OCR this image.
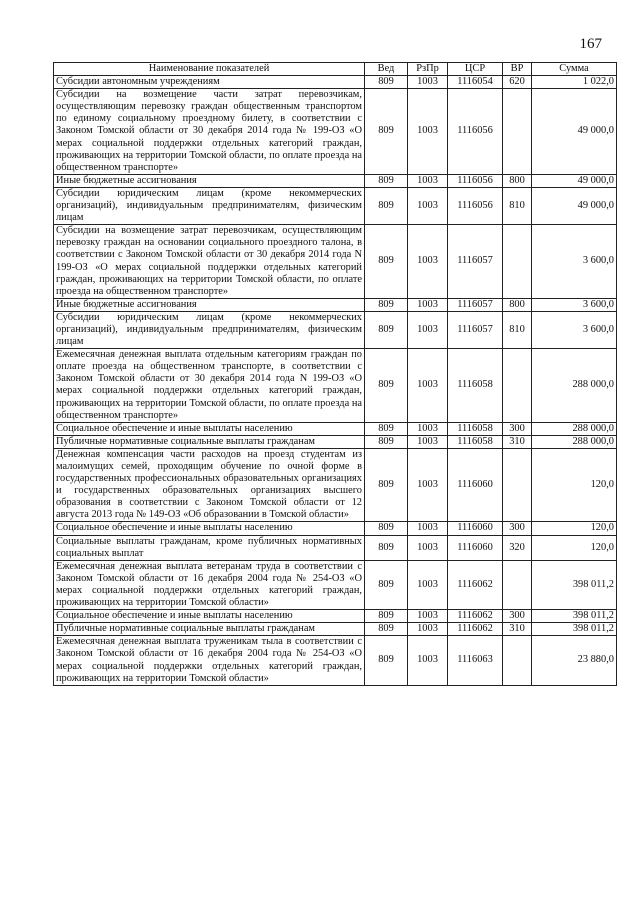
167
Наименование показателей	Вед	РзПр	ЦСР	ВР	Сумма
Субсидии автономным учреждениям	809	1003	1116054	620	1 022,0
Субсидии на возмещение части затрат перевозчикам, осуществляющим перевозку граждан общественным транспортом по единому социальному проездному билету, в соответствии с Законом Томской области от 30 декабря 2014 года № 199-ОЗ «О мерах социальной поддержки отдельных категорий граждан, проживающих на территории Томской области, по оплате проезда на общественном транспорте»	809	1003	1116056		49 000,0
Иные бюджетные ассигнования	809	1003	1116056	800	49 000,0
Субсидии юридическим лицам (кроме некоммерческих организаций), индивидуальным предпринимателям, физическим лицам	809	1003	1116056	810	49 000,0
Субсидии на возмещение затрат перевозчикам, осуществляющим перевозку граждан на основании социального проездного талона, в соответствии с Законом Томской области от 30 декабря 2014 года N 199-ОЗ «О мерах социальной поддержки отдельных категорий граждан, проживающих на территории Томской области, по оплате проезда на общественном транспорте»	809	1003	1116057		3 600,0
Иные бюджетные ассигнования	809	1003	1116057	800	3 600,0
Субсидии юридическим лицам (кроме некоммерческих организаций), индивидуальным предпринимателям, физическим лицам	809	1003	1116057	810	3 600,0
Ежемесячная денежная выплата отдельным категориям граждан по оплате проезда на общественном транспорте, в соответствии с Законом Томской области от 30 декабря 2014 года N 199-ОЗ «О мерах социальной поддержки отдельных категорий граждан, проживающих на территории Томской области, по оплате проезда на общественном транспорте»	809	1003	1116058		288 000,0
Социальное обеспечение и иные выплаты населению	809	1003	1116058	300	288 000,0
Публичные нормативные социальные выплаты гражданам	809	1003	1116058	310	288 000,0
Денежная компенсация части расходов на проезд студентам из малоимущих семей, проходящим обучение по очной форме в государственных профессиональных образовательных организациях и государственных образовательных организациях высшего образования в соответствии с Законом Томской области от 12 августа 2013 года № 149-ОЗ «Об образовании в Томской области»	809	1003	1116060		120,0
Социальное обеспечение и иные выплаты населению	809	1003	1116060	300	120,0
Социальные выплаты гражданам, кроме публичных нормативных социальных выплат	809	1003	1116060	320	120,0
Ежемесячная денежная выплата ветеранам труда в соответствии с Законом Томской области от 16 декабря 2004 года № 254-ОЗ «О мерах социальной поддержки отдельных категорий граждан, проживающих на территории Томской области»	809	1003	1116062		398 011,2
Социальное обеспечение и иные выплаты населению	809	1003	1116062	300	398 011,2
Публичные нормативные социальные выплаты гражданам	809	1003	1116062	310	398 011,2
Ежемесячная денежная выплата труженикам тыла в соответствии с Законом Томской области от 16 декабря 2004 года № 254-ОЗ «О мерах социальной поддержки отдельных категорий граждан, проживающих на территории Томской области»	809	1003	1116063		23 880,0
